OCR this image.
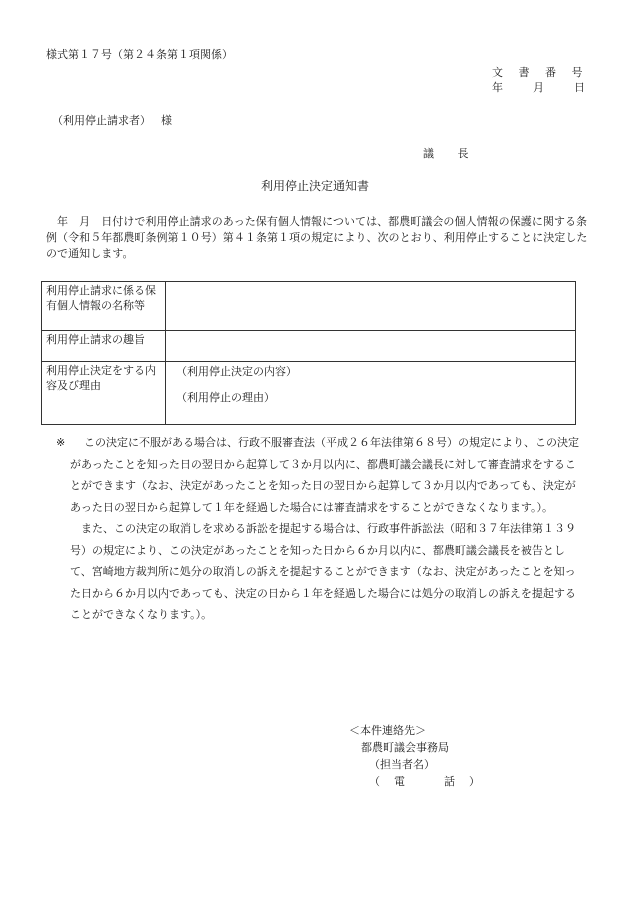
様式第１７号（第２４条第１項関係）
文 書 番 号
年	月	日
（利用停止請求者） 様
議 長
利用停止決定通知書
年　月　日付けで利用停止請求のあった保有個人情報については、都農町議会の個人情報の保護に関する条例（令和５年都農町条例第１０号）第４１条第１項の規定により、次のとおり、利用停止することに決定したので通知します。
利用停止請求に係る保有個人情報の名称等	
利用停止請求の趣旨	
利用停止決定をする内容及び理由	（利用停止決定の内容）
（利用停止の理由）

※ この決定に不服がある場合は、行政不服審査法（平成２６年法律第６８号）の規定により、この決定があったことを知った日の翌日から起算して３か月以内に、都農町議会議長に対して審査請求をすることができます（なお、決定があったことを知った日の翌日から起算して３か月以内であっても、決定があった日の翌日から起算して１年を経過した場合には審査請求をすることができなくなります。）。

また、この決定の取消しを求める訴訟を提起する場合は、行政事件訴訟法（昭和３７年法律第１３９号）の規定により、この決定があったことを知った日から６か月以内に、都農町議会議長を被告として、宮崎地方裁判所に処分の取消しの訴えを提起することができます（なお、決定があったことを知った日から６か月以内であっても、決定の日から１年を経過した場合には処分の取消しの訴えを提起することができなくなります。）。

＜本件連絡先＞
都農町議会事務局
（担当者名）
（電　話）
